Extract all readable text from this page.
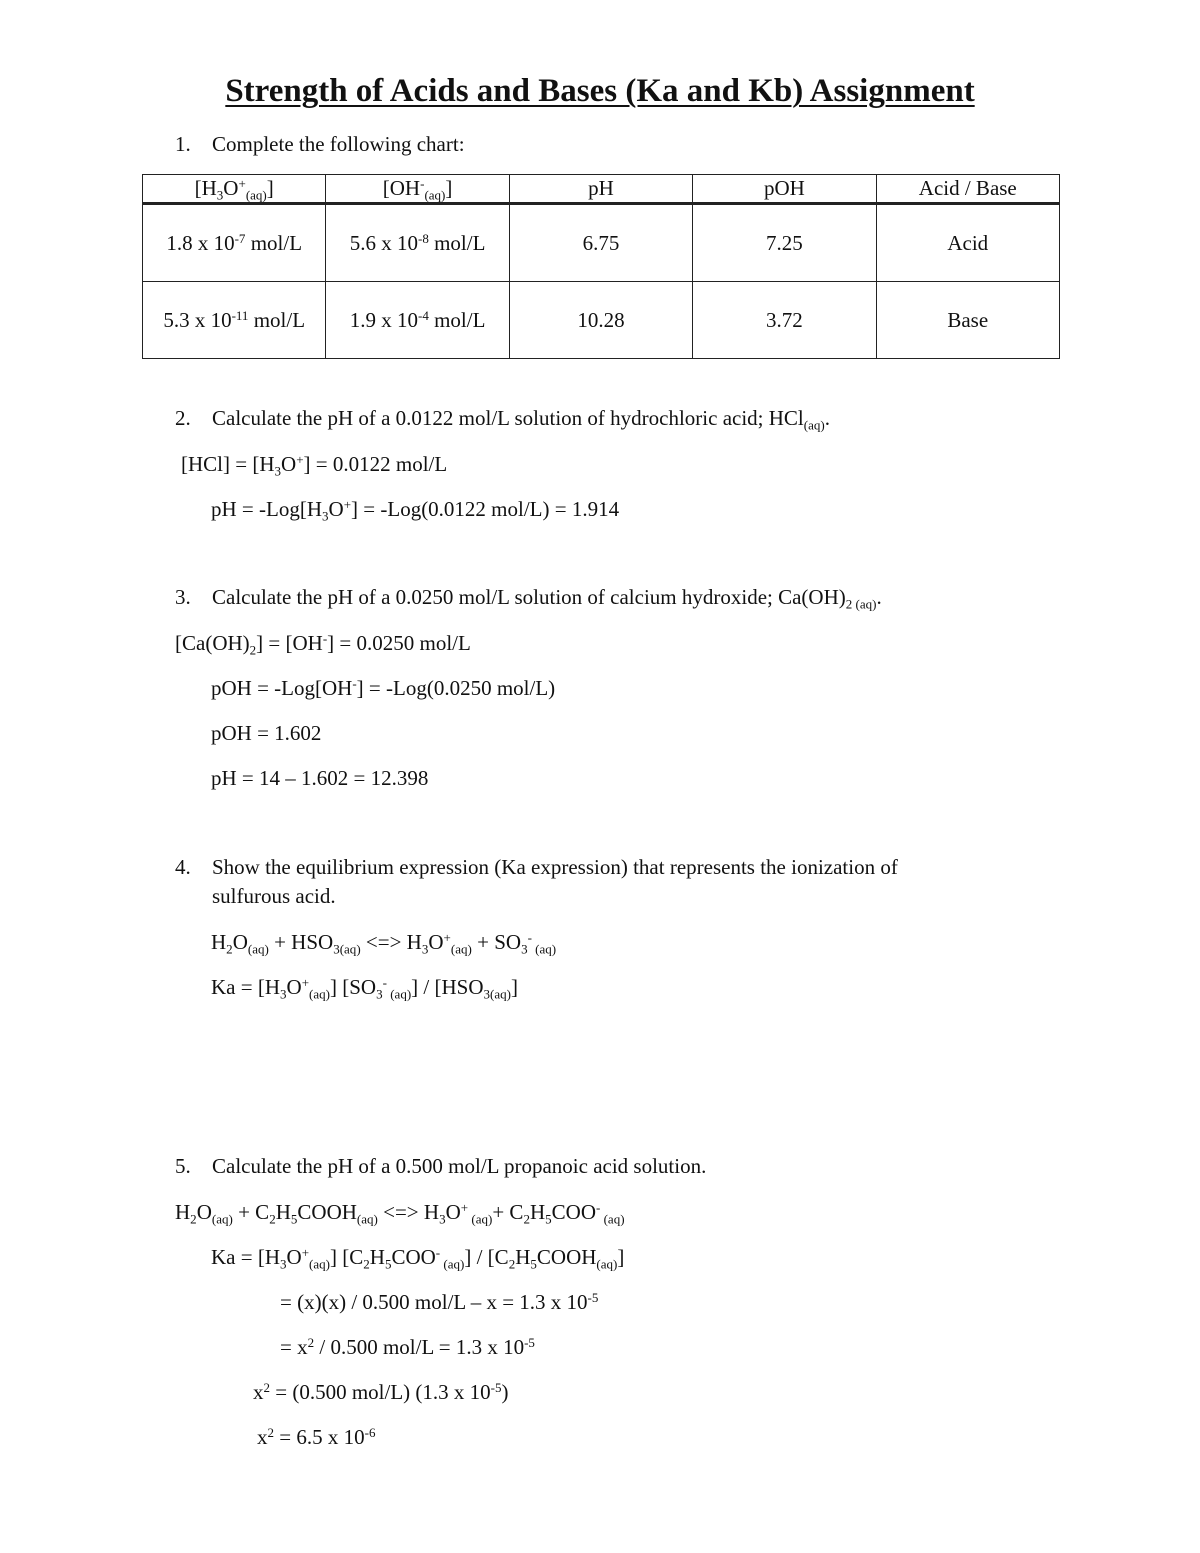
Strength of Acids and Bases (Ka and Kb) Assignment
1. Complete the following chart:
$[H_3O^+_{(aq)}]$	$[OH^-_{(aq)}]$	pH	pOH	Acid / Base
1.8 x $10^{-7}$ mol/L	5.6 x $10^{-8}$ mol/L	6.75	7.25	Acid
5.3 x $10^{-11}$ mol/L	1.9 x $10^{-4}$ mol/L	10.28	3.72	Base
2. Calculate the pH of a 0.0122 mol/L solution of hydrochloric acid; HCl$_{(aq)}$.
$[HCl] = [H_3O^+] = 0.0122$ mol/L
pH = $-Log[H_3O^+] = -Log(0.0122$ mol/L) = 1.914
3. Calculate the pH of a 0.0250 mol/L solution of calcium hydroxide; $Ca(OH)_{2 (aq)}$.
$[Ca(OH)_2] = [OH^-] = 0.0250$ mol/L
pOH = -Log[OH-] = -Log(0.0250 mol/L)
pOH = 1.602
pH = 14 – 1.602 = 12.398
4. Show the equilibrium expression (Ka expression) that represents the ionization of
sulfurous acid.
$H_2O_{(aq)} + HSO_{3(aq)}$ <=> $H_3O^+_{(aq)} + SO_3^-$ $_{(aq)}$
$Ka = [H_3O^+_{(aq)}]$ [$SO_3^-$ $_{(aq)}] / [HSO_{3(aq)}]$
5. Calculate the pH of a 0.500 mol/L propanoic acid solution.
$H_2O_{(aq)}$ + $C_2H_5COOH_{(aq)}$ <=> $H_3O^+$ $_{(aq)}+ C_2H_5COO^-$ $_{(aq)}$
$Ka = [H_3O^+_{(aq)}]$ [$C_2H_5COO^-$ $_{(aq)}] / [C_2H_5COOH_{(aq)}]$
= (x)(x) / 0.500 mol/L – x = 1.3 x $10^{-5}$
= $x^2 / 0.500$ mol/L = 1.3 x $10^{-5}$
$x^2 = (0.500$ mol/L) (1.3 x $10^{-5}$)
$x^2 = 6.5$ x $10^{-6}$
